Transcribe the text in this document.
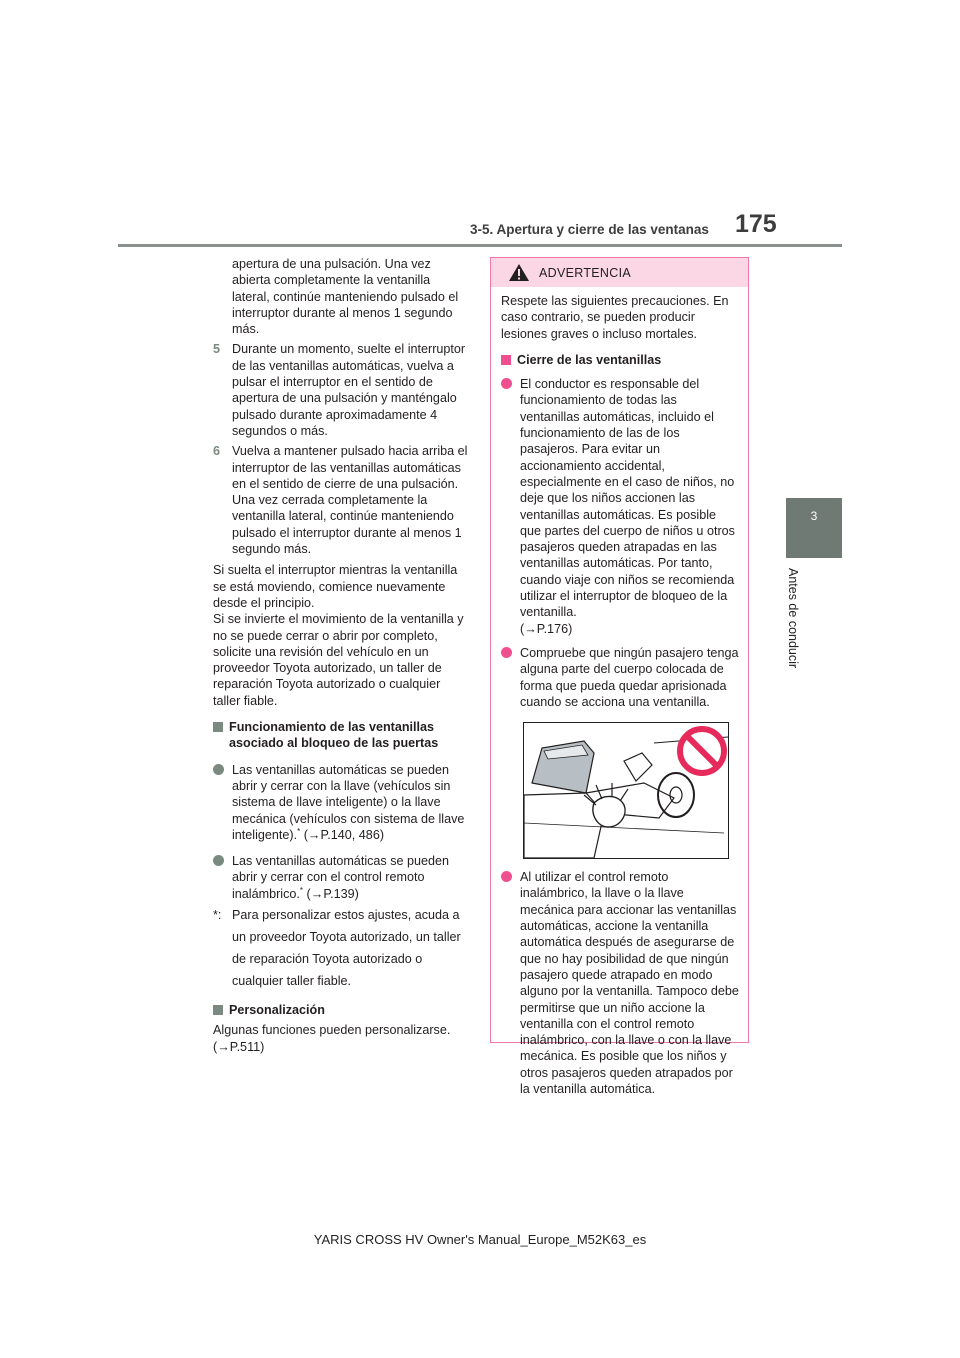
3-5. Apertura y cierre de las ventanas 175
3
Antes de conducir

apertura de una pulsación. Una vez abierta completamente la ventanilla lateral, continúe manteniendo pulsado el interruptor durante al menos 1 segundo más.

5 Durante un momento, suelte el interruptor de las ventanillas automáticas, vuelva a pulsar el interruptor en el sentido de apertura de una pulsación y manténgalo pulsado durante aproximadamente 4 segundos o más.
6 Vuelva a mantener pulsado hacia arriba el interruptor de las ventanillas automáticas en el sentido de cierre de una pulsación. Una vez cerrada completamente la ventanilla lateral, continúe manteniendo pulsado el interruptor durante al menos 1 segundo más.

Si suelta el interruptor mientras la ventanilla se está moviendo, comience nuevamente desde el principio.

Si se invierte el movimiento de la ventanilla y no se puede cerrar o abrir por completo, solicite una revisión del vehículo en un proveedor Toyota autorizado, un taller de reparación Toyota autorizado o cualquier taller fiable.

Funcionamiento de las ventanillas asociado al bloqueo de las puertas
Las ventanillas automáticas se pueden abrir y cerrar con la llave (vehículos sin sistema de llave inteligente) o la llave mecánica (vehículos con sistema de llave inteligente).* (→P.140, 486)
Las ventanillas automáticas se pueden abrir y cerrar con el control remoto inalámbrico.* (→P.139)
*: Para personalizar estos ajustes, acuda a un proveedor Toyota autorizado, un taller de reparación Toyota autorizado o cualquier taller fiable.
Personalización

Algunas funciones pueden personalizarse.

(→P.511)

ADVERTENCIA

Respete las siguientes precauciones. En caso contrario, se pueden producir lesiones graves o incluso mortales.

Cierre de las ventanillas
El conductor es responsable del funcionamiento de todas las ventanillas automáticas, incluido el funcionamiento de las de los pasajeros. Para evitar un accionamiento accidental, especialmente en el caso de niños, no deje que los niños accionen las ventanillas automáticas. Es posible que partes del cuerpo de niños u otros pasajeros queden atrapadas en las ventanillas automáticas. Por tanto, cuando viaje con niños se recomienda utilizar el interruptor de bloqueo de la ventanilla.
(→P.176)
Compruebe que ningún pasajero tenga alguna parte del cuerpo colocada de forma que pueda quedar aprisionada cuando se acciona una ventanilla.
Al utilizar el control remoto inalámbrico, la llave o la llave mecánica para accionar las ventanillas automáticas, accione la ventanilla automática después de asegurarse de que no hay posibilidad de que ningún pasajero quede atrapado en modo alguno por la ventanilla. Tampoco debe permitirse que un niño accione la ventanilla con el control remoto inalámbrico, con la llave o con la llave mecánica. Es posible que los niños y otros pasajeros queden atrapados por la ventanilla automática.
YARIS CROSS HV Owner's Manual_Europe_M52K63_es
